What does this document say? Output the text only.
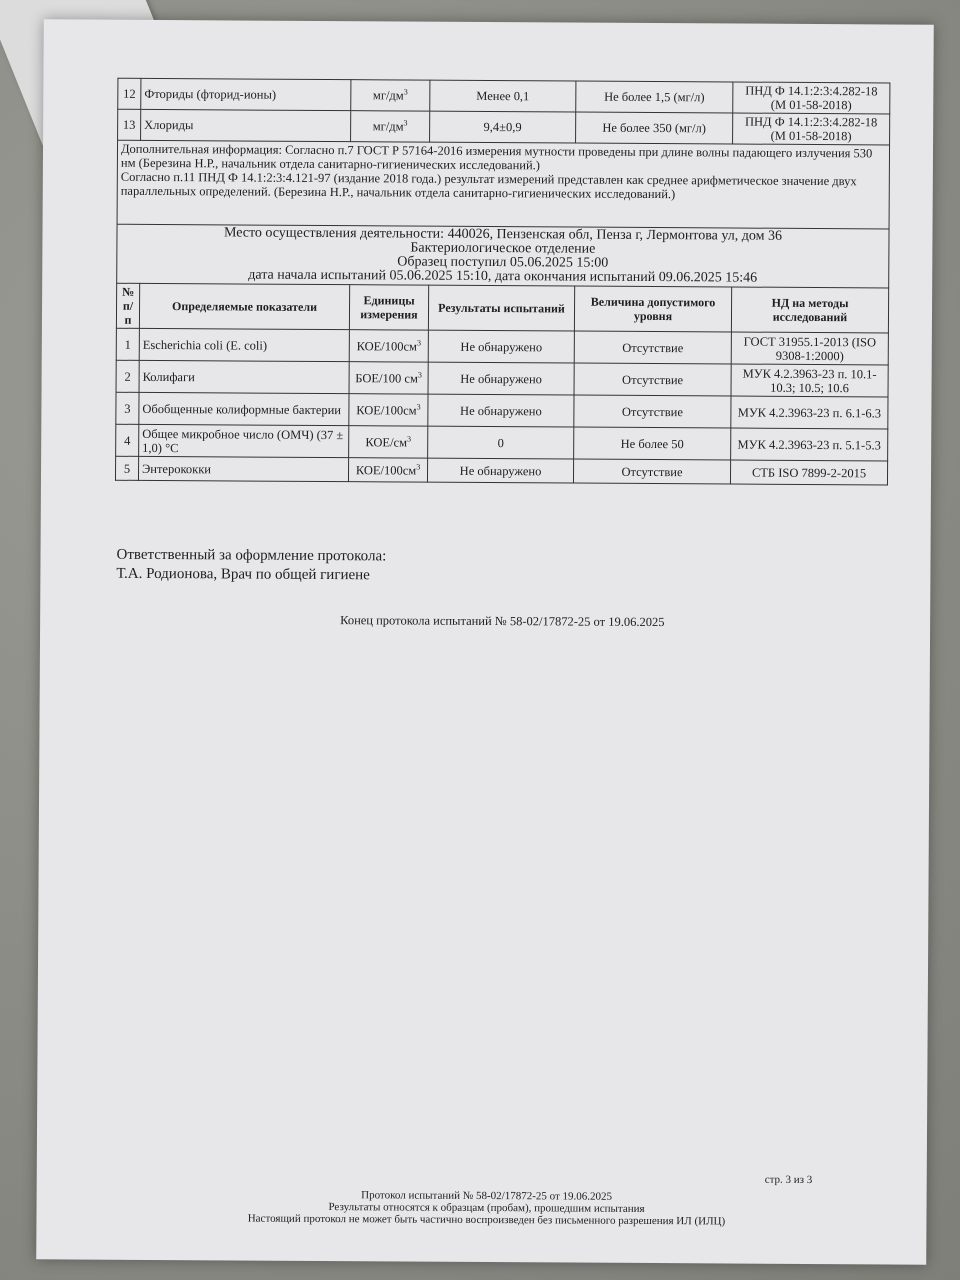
12	Фториды (фторид-ионы)	$мг/дм^3$	Менее 0,1	Не более 1,5 (мг/л)	ПНД Ф 14.1:2:3:4.282-18 (М 01-58-2018)
13	Хлориды	$мг/дм^3$	9,4±0,9	Не более 350 (мг/л)	ПНД Ф 14.1:2:3:4.282-18 (М 01-58-2018)

Дополнительная информация: Согласно п.7 ГОСТ Р 57164-2016 измерения мутности проведены при длине волны падающего излучения 530 нм (Березина Н.Р., начальник отдела санитарно-гигиенических исследований.)
Согласно п.11 ПНД Ф 14.1:2:3:4.121-97 (издание 2018 года.) результат измерений представлен как среднее арифметическое значение двух параллельных определений. (Березина Н.Р., начальник отдела санитарно-гигиенических исследований.)					

Место осуществления деятельности: 440026, Пензенская обл, Пенза г, Лермонтова ул, дом 36
Бактериологическое отделение
Образец поступил 05.06.2025 15:00
дата начала испытаний 05.06.2025 15:10, дата окончания испытаний 09.06.2025 15:46					

№ п/п	Определяемые показатели	Единицы измерения	Результаты испытаний	Величина допустимого уровня	НД на методы исследований
1	Escherichia coli (E. coli)	КОЕ/$100см^3$	Не обнаружено	Отсутствие	ГОСТ 31955.1-2013 (ISO 9308-1:2000)
2	Колифаги	БОЕ/100 $см^3$	Не обнаружено	Отсутствие	МУК 4.2.3963-23 п. 10.1-10.3; 10.5; 10.6
3	Обобщенные колиформные бактерии	КОЕ/$100см^3$	Не обнаружено	Отсутствие	МУК 4.2.3963-23 п. 6.1-6.3
4	Общее микробное число (ОМЧ) (37 ± 1,0) °С	КОЕ/$см^3$	0	Не более 50	МУК 4.2.3963-23 п. 5.1-5.3
5	Энтерококки	КОЕ/$100см^3$	Не обнаружено	Отсутствие	СТБ ISO 7899-2-2015
Ответственный за оформление протокола:
Т.А. Родионова, Врач по общей гигиене
Конец протокола испытаний № 58-02/17872-25 от 19.06.2025
стр. 3 из 3
Протокол испытаний № 58-02/17872-25 от 19.06.2025
Результаты относятся к образцам (пробам), прошедшим испытания
Настоящий протокол не может быть частично воспроизведен без письменного разрешения ИЛ (ИЛЦ)
